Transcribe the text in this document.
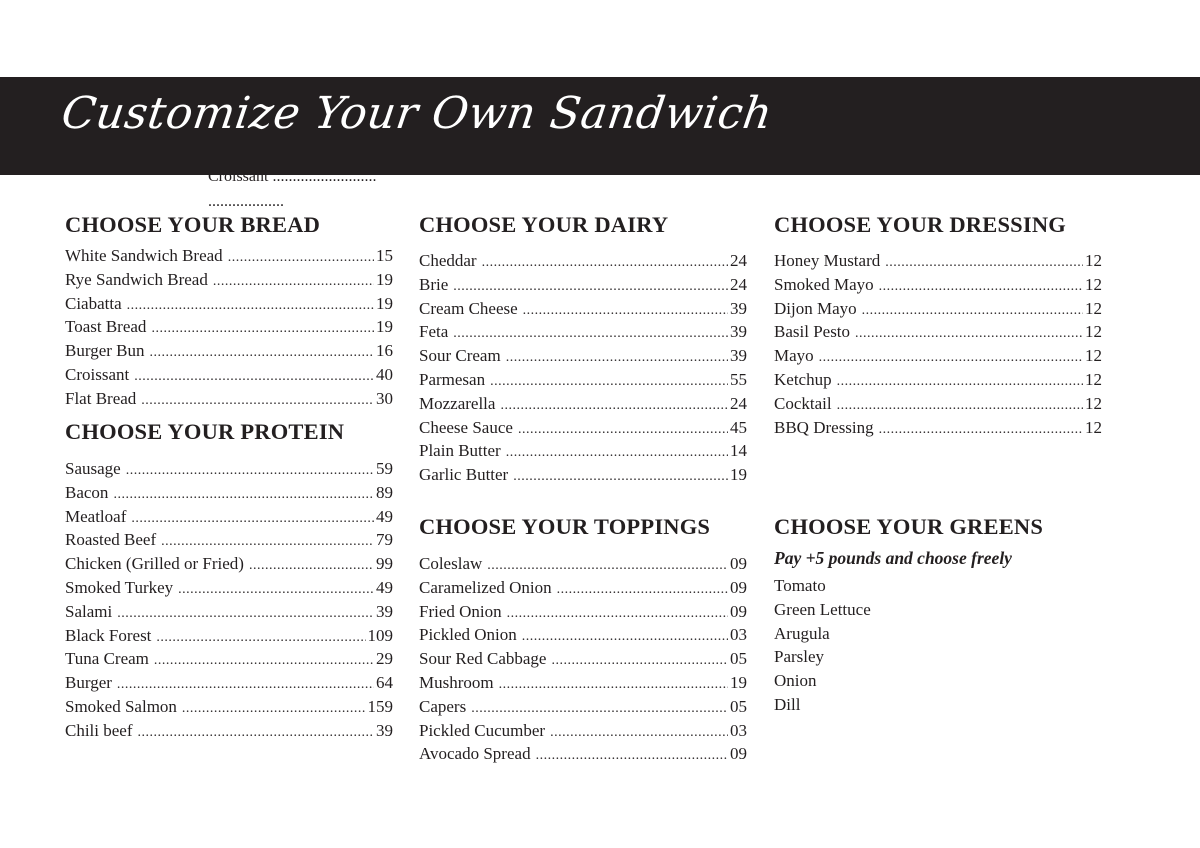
Customize Your Own Sandwich
Croissant ..........................
...................
CHOOSE YOUR BREAD
White Sandwich Bread .....	15
Rye Sandwich Bread .....	19
Ciabatta .....	19
Toast Bread .....	19
Burger Bun .....	16
Croissant .....	40
Flat Bread .....	30
CHOOSE YOUR PROTEIN
Sausage .....	59
Bacon .....	89
Meatloaf .....	49
Roasted Beef .....	79
Chicken (Grilled or Fried) .....	99
Smoked Turkey .....	49
Salami .....	39
Black Forest .....	109
Tuna Cream .....	29
Burger .....	64
Smoked Salmon .....	159
Chili beef .....	39
CHOOSE YOUR DAIRY
Cheddar .....	24
Brie .....	24
Cream Cheese .....	39
Feta .....	39
Sour Cream .....	39
Parmesan .....	55
Mozzarella .....	24
Cheese Sauce .....	45
Plain Butter .....	14
Garlic Butter .....	19
CHOOSE YOUR TOPPINGS
Coleslaw .....	09
Caramelized Onion .....	09
Fried Onion .....	09
Pickled Onion .....	03
Sour Red Cabbage .....	05
Mushroom .....	19
Capers .....	05
Pickled Cucumber .....	03
Avocado Spread .....	09
CHOOSE YOUR DRESSING
Honey Mustard .....	12
Smoked Mayo .....	12
Dijon Mayo .....	12
Basil Pesto .....	12
Mayo .....	12
Ketchup .....	12
Cocktail .....	12
BBQ Dressing .....	12
CHOOSE YOUR GREENS
Pay +5 pounds and choose freely
Tomato
Green Lettuce
Arugula
Parsley
Onion
Dill
